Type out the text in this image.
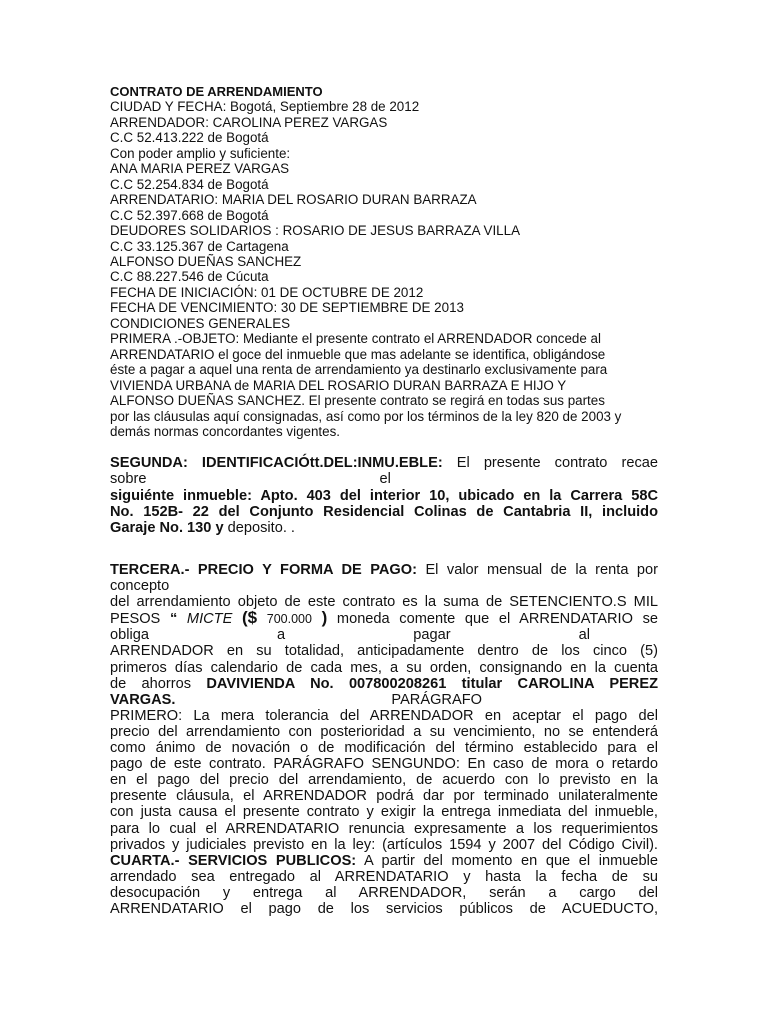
CONTRATO DE ARRENDAMIENTO
CIUDAD Y FECHA: Bogotá, Septiembre 28 de 2012
ARRENDADOR: CAROLINA PEREZ VARGAS
C.C 52.413.222 de Bogotá
Con poder amplio y suficiente:
ANA MARIA PEREZ VARGAS
C.C 52.254.834 de Bogotá
ARRENDATARIO: MARIA DEL ROSARIO DURAN BARRAZA
C.C 52.397.668 de Bogotá
DEUDORES SOLIDARIOS : ROSARIO DE JESUS BARRAZA VILLA
C.C 33.125.367 de Cartagena
ALFONSO DUEÑAS SANCHEZ
C.C 88.227.546 de Cúcuta
FECHA DE INICIACIÓN: 01 DE OCTUBRE DE 2012
FECHA DE VENCIMIENTO: 30 DE SEPTIEMBRE DE 2013
CONDICIONES GENERALES
PRIMERA .-OBJETO: Mediante el presente contrato el ARRENDADOR concede al
ARRENDATARIO el goce del inmueble que mas adelante se identifica, obligándose
éste a pagar a aquel una renta de arrendamiento ya destinarlo exclusivamente para
VIVIENDA URBANA de MARIA DEL ROSARIO DURAN BARRAZA E HIJO Y
ALFONSO DUEÑAS SANCHEZ. El presente contrato se regirá en todas sus partes
por las cláusulas aquí consignadas, así como por los términos de la ley 820 de 2003 y
demás normas concordantes vigentes.
SEGUNDA: IDENTIFICACIÓtt.DEL:INMU.EBLE: El presente contrato recae
sobre	el
siguiénte inmueble: Apto. 403 del interior 10, ubicado en la Carrera 58C
No. 152B- 22 del Conjunto Residencial Colinas de Cantabria II, incluido
Garaje No. 130 y deposito. .
TERCERA.- PRECIO Y FORMA DE PAGO: El valor mensual de la renta por
concepto
del arrendamiento objeto de este contrato es la suma de SETENCIENTO.S MIL
PESOS “ MICTE ($ 700.000 ) moneda comente que el ARRENDATARIO se
obliga	a	pagar	al
ARRENDADOR en su totalidad, anticipadamente dentro de los cinco (5)
primeros días calendario de cada mes, a su orden, consignando en la cuenta
de ahorros DAVIVIENDA No. 007800208261 titular CAROLINA PEREZ
VARGAS.	PARÁGRAFO
PRIMERO: La mera tolerancia del ARRENDADOR en aceptar el pago del
precio del arrendamiento con posterioridad a su vencimiento, no se entenderá
como ánimo de novación o de modificación del término establecido para el
pago de este contrato. PARÁGRAFO SENGUNDO: En caso de mora o retardo
en el pago del precio del arrendamiento, de acuerdo con lo previsto en la
presente cláusula, el ARRENDADOR podrá dar por terminado unilateralmente
con justa causa el presente contrato y exigir la entrega inmediata del inmueble,
para lo cual el ARRENDATARIO renuncia expresamente a los requerimientos
privados y judiciales previsto en la ley: (artículos 1594 y 2007 del Código Civil).
CUARTA.- SERVICIOS PUBLICOS: A partir del momento en que el inmueble
arrendado sea entregado al ARRENDATARIO y hasta la fecha de su
desocupación y entrega al ARRENDADOR, serán a cargo del
ARRENDATARIO el pago de los servicios públicos de ACUEDUCTO,
